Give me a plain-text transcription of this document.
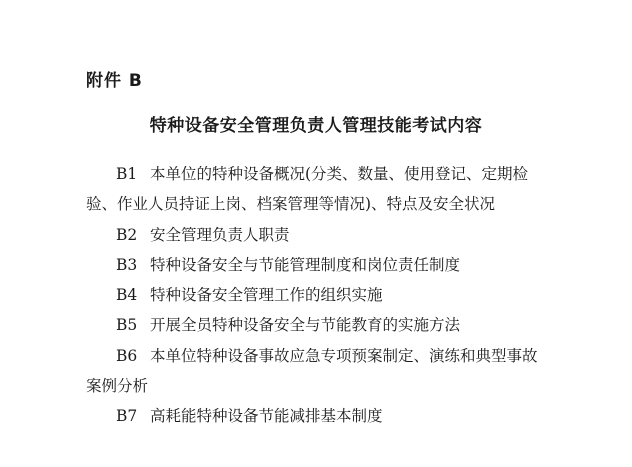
附件 B
特种设备安全管理负责人管理技能考试内容

B1 本单位的特种设备概况(分类、数量、使用登记、定期检验、作业人员持证上岗、档案管理等情况)、特点及安全状况

B2 安全管理负责人职责

B3 特种设备安全与节能管理制度和岗位责任制度

B4 特种设备安全管理工作的组织实施

B5 开展全员特种设备安全与节能教育的实施方法

B6 本单位特种设备事故应急专项预案制定、演练和典型事故案例分析

B7 高耗能特种设备节能减排基本制度
